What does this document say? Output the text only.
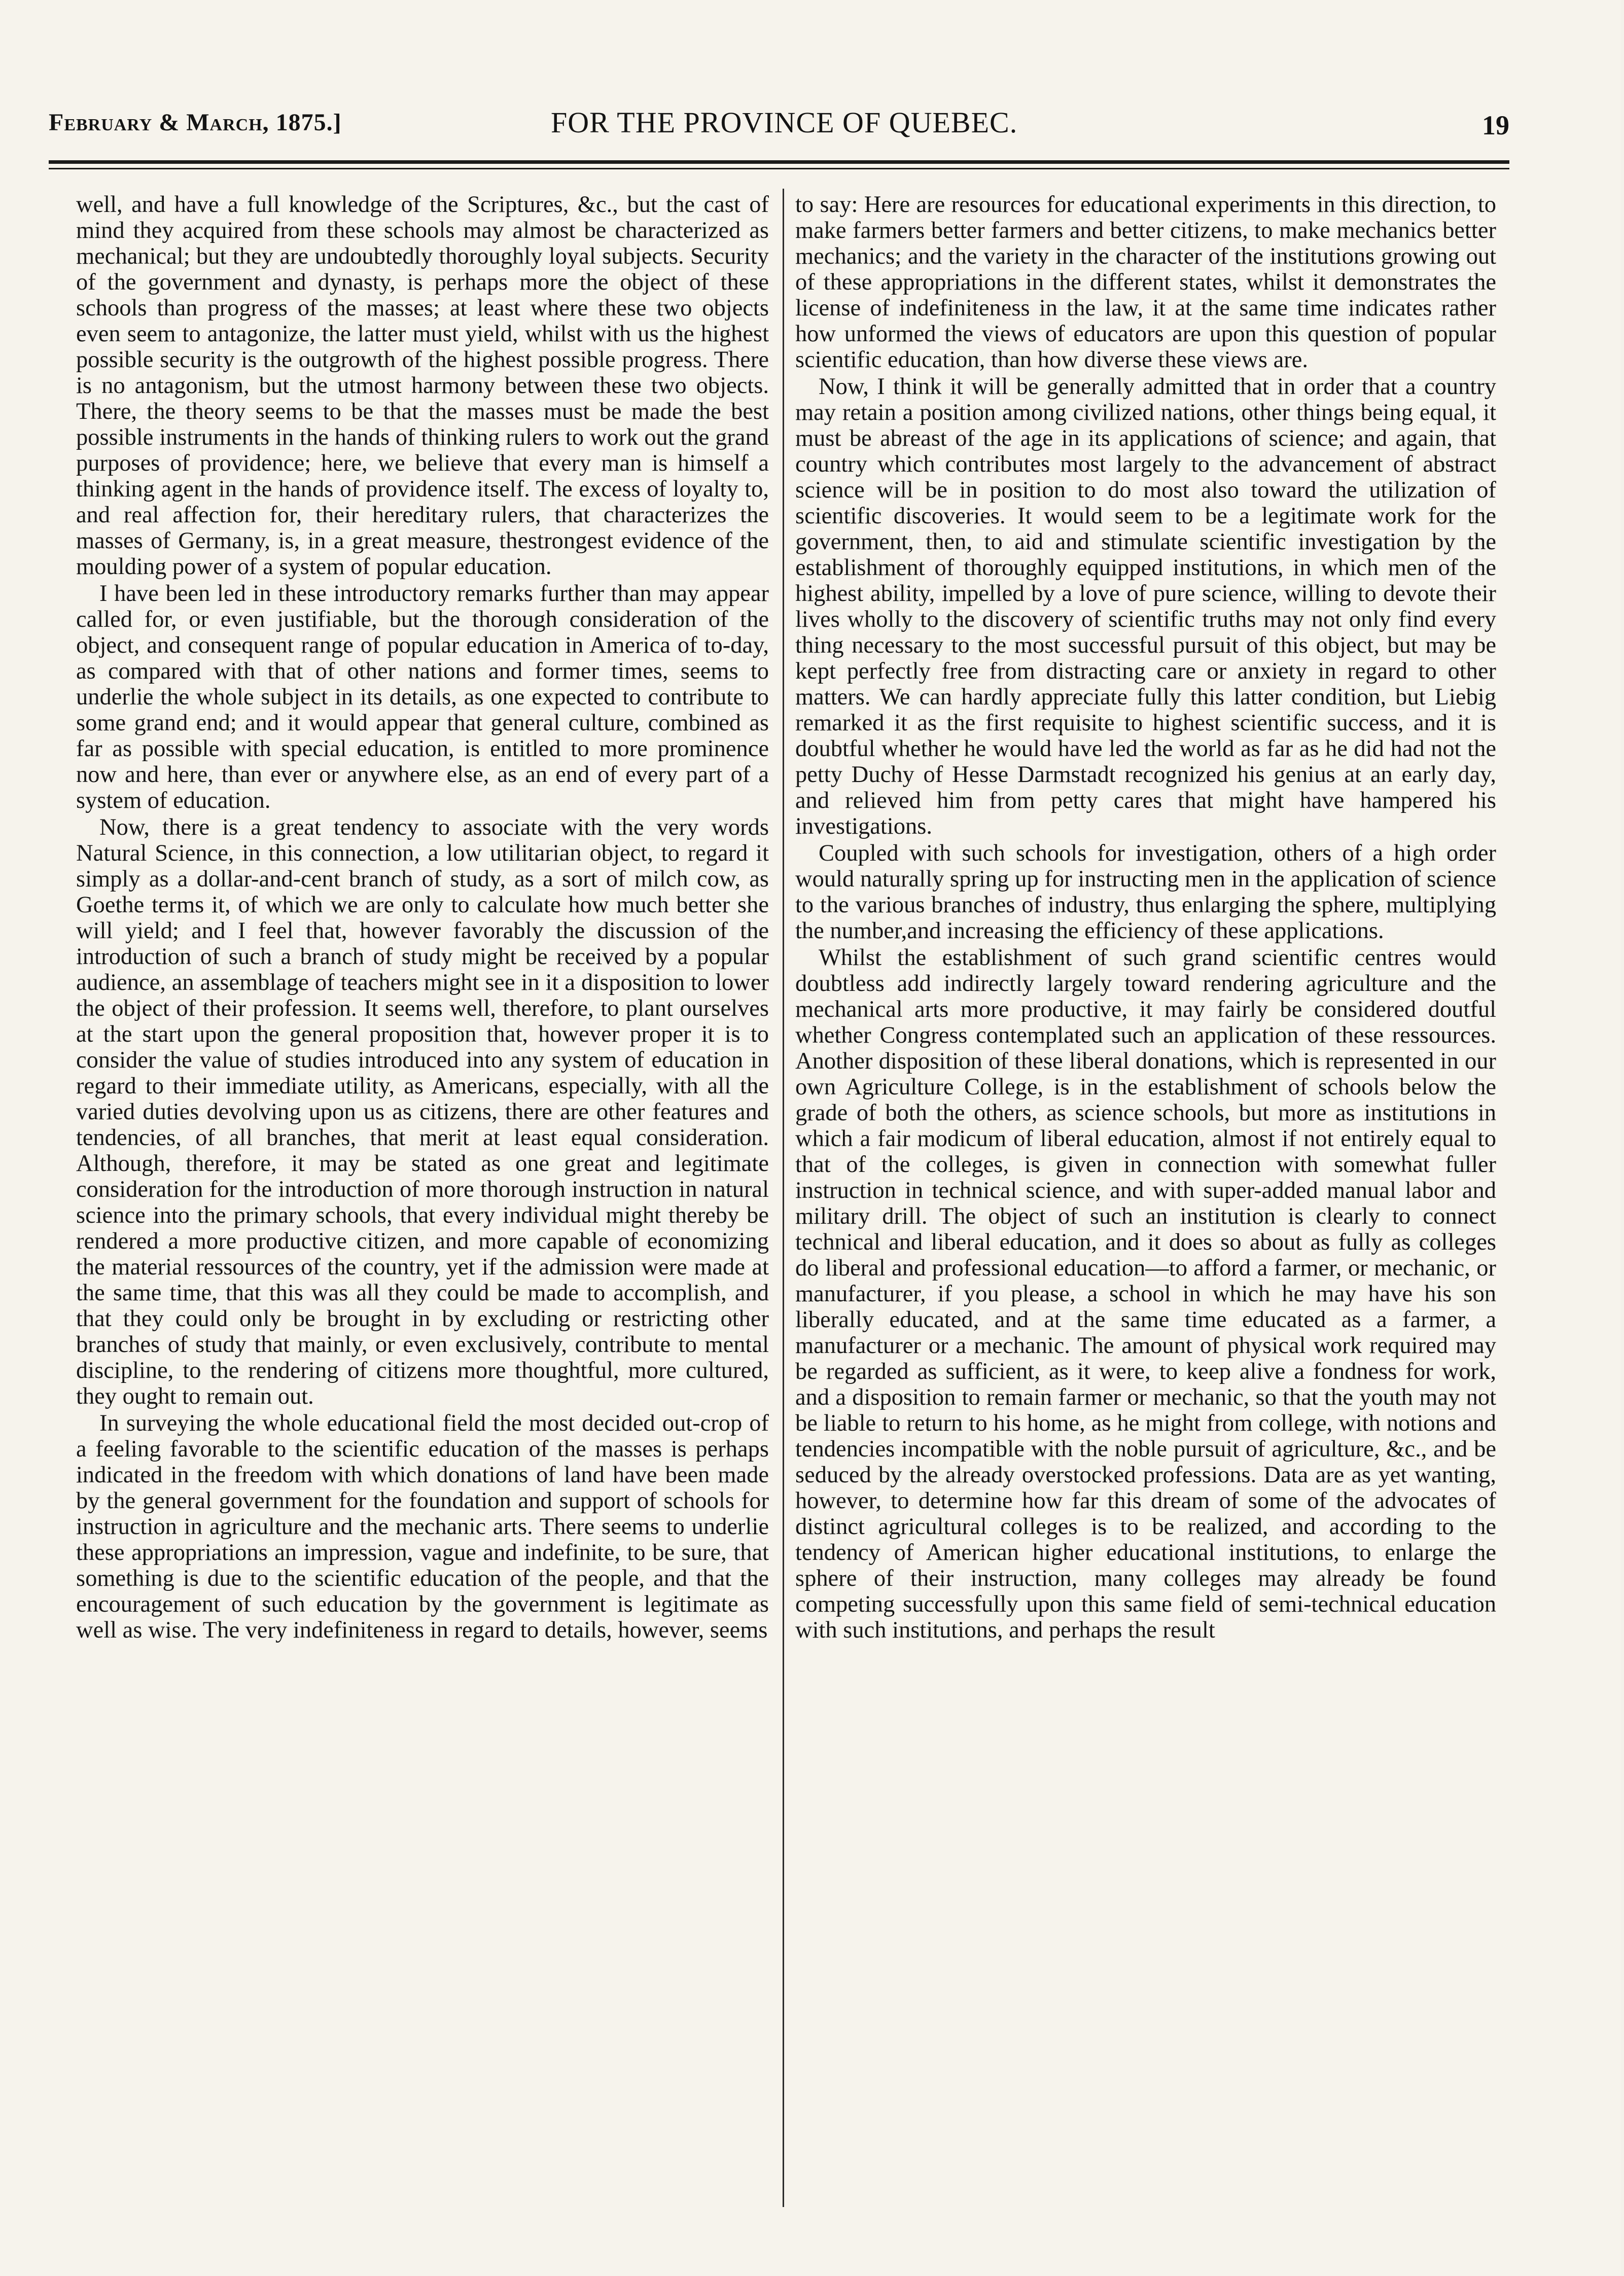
February & March, 1875.]	FOR THE PROVINCE OF QUEBEC.	19

well, and have a full knowledge of the Scriptures, &c., but the cast of mind they acquired from these schools may almost be characterized as mechanical; but they are undoubtedly thoroughly loyal subjects. Security of the government and dynasty, is perhaps more the object of these schools than progress of the masses; at least where these two objects even seem to antagonize, the latter must yield, whilst with us the highest possible security is the outgrowth of the highest possible progress. There is no antagonism, but the utmost harmony between these two objects. There, the theory seems to be that the masses must be made the best possible instruments in the hands of thinking rulers to work out the grand purposes of providence; here, we believe that every man is himself a thinking agent in the hands of providence itself. The excess of loyalty to, and real affection for, their hereditary rulers, that characterizes the masses of Germany, is, in a great measure, thestrongest evidence of the moulding power of a system of popular education.

I have been led in these introductory remarks further than may appear called for, or even justifiable, but the thorough consideration of the object, and consequent range of popular education in America of to-day, as compared with that of other nations and former times, seems to underlie the whole subject in its details, as one expected to contribute to some grand end; and it would appear that general culture, combined as far as possible with special education, is entitled to more prominence now and here, than ever or anywhere else, as an end of every part of a system of education.

Now, there is a great tendency to associate with the very words Natural Science, in this connection, a low utilitarian object, to regard it simply as a dollar-and-cent branch of study, as a sort of milch cow, as Goethe terms it, of which we are only to calculate how much better she will yield; and I feel that, however favorably the discussion of the introduction of such a branch of study might be received by a popular audience, an assemblage of teachers might see in it a disposition to lower the object of their profession. It seems well, therefore, to plant ourselves at the start upon the general proposition that, however proper it is to consider the value of studies introduced into any system of education in regard to their immediate utility, as Americans, especially, with all the varied duties devolving upon us as citizens, there are other features and tendencies, of all branches, that merit at least equal consideration. Although, therefore, it may be stated as one great and legitimate consideration for the introduction of more thorough instruction in natural science into the primary schools, that every individual might thereby be rendered a more productive citizen, and more capable of economizing the material ressources of the country, yet if the admission were made at the same time, that this was all they could be made to accomplish, and that they could only be brought in by excluding or restricting other branches of study that mainly, or even exclusively, contribute to mental discipline, to the rendering of citizens more thoughtful, more cultured, they ought to remain out.

In surveying the whole educational field the most decided out-crop of a feeling favorable to the scientific education of the masses is perhaps indicated in the freedom with which donations of land have been made by the general government for the foundation and support of schools for instruction in agriculture and the mechanic arts. There seems to underlie these appropriations an impression, vague and indefinite, to be sure, that something is due to the scientific education of the people, and that the encouragement of such education by the government is legitimate as well as wise. The very indefiniteness in regard to details, however, seems

to say: Here are resources for educational experiments in this direction, to make farmers better farmers and better citizens, to make mechanics better mechanics; and the variety in the character of the institutions growing out of these appropriations in the different states, whilst it demonstrates the license of indefiniteness in the law, it at the same time indicates rather how unformed the views of educators are upon this question of popular scientific education, than how diverse these views are.

Now, I think it will be generally admitted that in order that a country may retain a position among civilized nations, other things being equal, it must be abreast of the age in its applications of science; and again, that country which contributes most largely to the advancement of abstract science will be in position to do most also toward the utilization of scientific discoveries. It would seem to be a legitimate work for the government, then, to aid and stimulate scientific investigation by the establishment of thoroughly equipped institutions, in which men of the highest ability, impelled by a love of pure science, willing to devote their lives wholly to the discovery of scientific truths may not only find every thing necessary to the most successful pursuit of this object, but may be kept perfectly free from distracting care or anxiety in regard to other matters. We can hardly appreciate fully this latter condition, but Liebig remarked it as the first requisite to highest scientific success, and it is doubtful whether he would have led the world as far as he did had not the petty Duchy of Hesse Darmstadt recognized his genius at an early day, and relieved him from petty cares that might have hampered his investigations.

Coupled with such schools for investigation, others of a high order would naturally spring up for instructing men in the application of science to the various branches of industry, thus enlarging the sphere, multiplying the number,and increasing the efficiency of these applications.

Whilst the establishment of such grand scientific centres would doubtless add indirectly largely toward rendering agriculture and the mechanical arts more productive, it may fairly be considered doutful whether Congress contemplated such an application of these ressources. Another disposition of these liberal donations, which is represented in our own Agriculture College, is in the establishment of schools below the grade of both the others, as science schools, but more as institutions in which a fair modicum of liberal education, almost if not entirely equal to that of the colleges, is given in connection with somewhat fuller instruction in technical science, and with super-added manual labor and military drill. The object of such an institution is clearly to connect technical and liberal education, and it does so about as fully as colleges do liberal and professional education—to afford a farmer, or mechanic, or manufacturer, if you please, a school in which he may have his son liberally educated, and at the same time educated as a farmer, a manufacturer or a mechanic. The amount of physical work required may be regarded as sufficient, as it were, to keep alive a fondness for work, and a disposition to remain farmer or mechanic, so that the youth may not be liable to return to his home, as he might from college, with notions and tendencies incompatible with the noble pursuit of agriculture, &c., and be seduced by the already overstocked professions. Data are as yet wanting, however, to determine how far this dream of some of the advocates of distinct agricultural colleges is to be realized, and according to the tendency of American higher educational institutions, to enlarge the sphere of their instruction, many colleges may already be found competing successfully upon this same field of semi-technical education with such institutions, and perhaps the result
